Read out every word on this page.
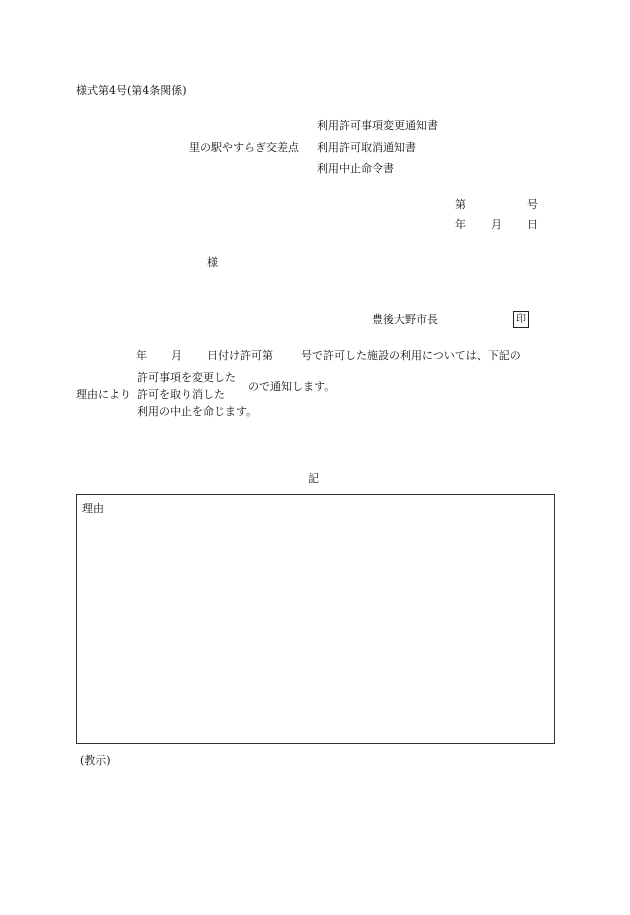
様式第4号(第4条関係)
里の駅やすらぎ交差点
利用許可事項変更通知書
利用許可取消通知書
利用中止命令書
第	号
年 月 日
様
豊後大野市長	印
年 月 日付け許可第	号で許可した施設の利用については、下記の
理由により
許可事項を変更した
許可を取り消した
利用の中止を命じます。
ので通知します。
記
理由
(教示)
